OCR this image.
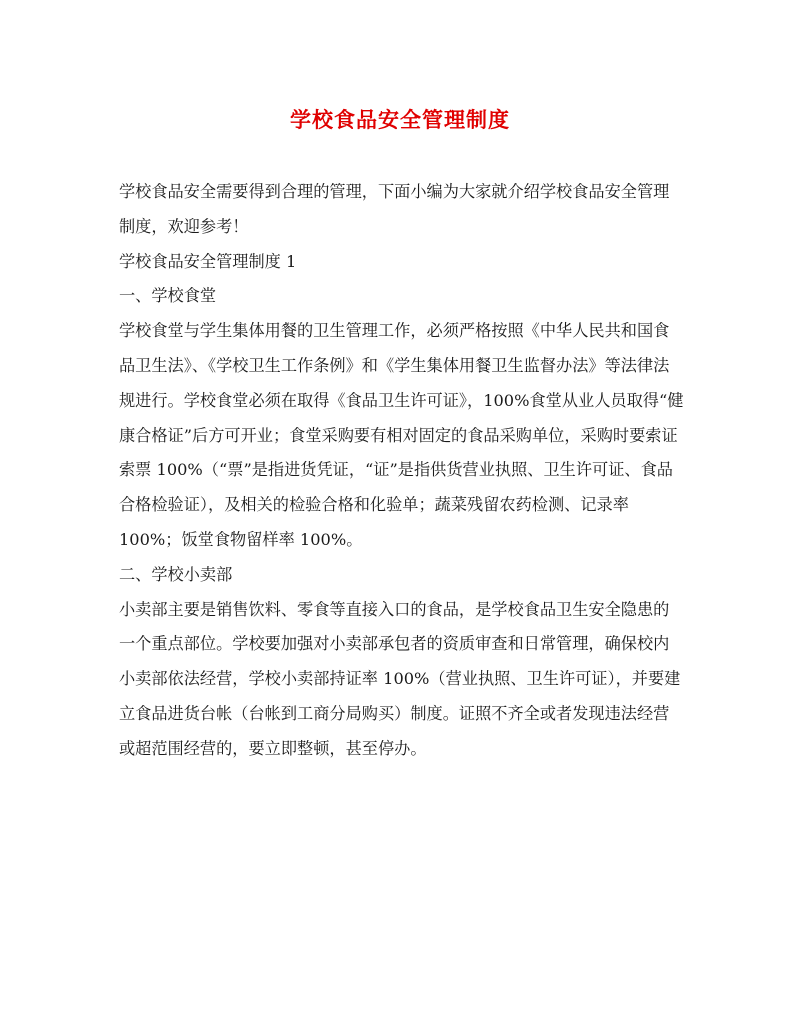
学校食品安全管理制度

学校食品安全需要得到合理的管理，下面小编为大家就介绍学校食品安全管理制度，欢迎参考！

学校食品安全管理制度 1

一、学校食堂

学校食堂与学生集体用餐的卫生管理工作，必须严格按照《中华人民共和国食品卫生法》、《学校卫生工作条例》和《学生集体用餐卫生监督办法》等法律法规进行。学校食堂必须在取得《食品卫生许可证》，100%食堂从业人员取得“健康合格证”后方可开业；食堂采购要有相对固定的食品采购单位，采购时要索证索票 100%（“票”是指进货凭证，“证”是指供货营业执照、卫生许可证、食品合格检验证），及相关的检验合格和化验单；蔬菜残留农药检测、记录率 100%；饭堂食物留样率 100%。

二、学校小卖部

小卖部主要是销售饮料、零食等直接入口的食品，是学校食品卫生安全隐患的一个重点部位。学校要加强对小卖部承包者的资质审查和日常管理，确保校内小卖部依法经营，学校小卖部持证率 100%（营业执照、卫生许可证），并要建立食品进货台帐（台帐到工商分局购买）制度。证照不齐全或者发现违法经营或超范围经营的，要立即整顿，甚至停办。
